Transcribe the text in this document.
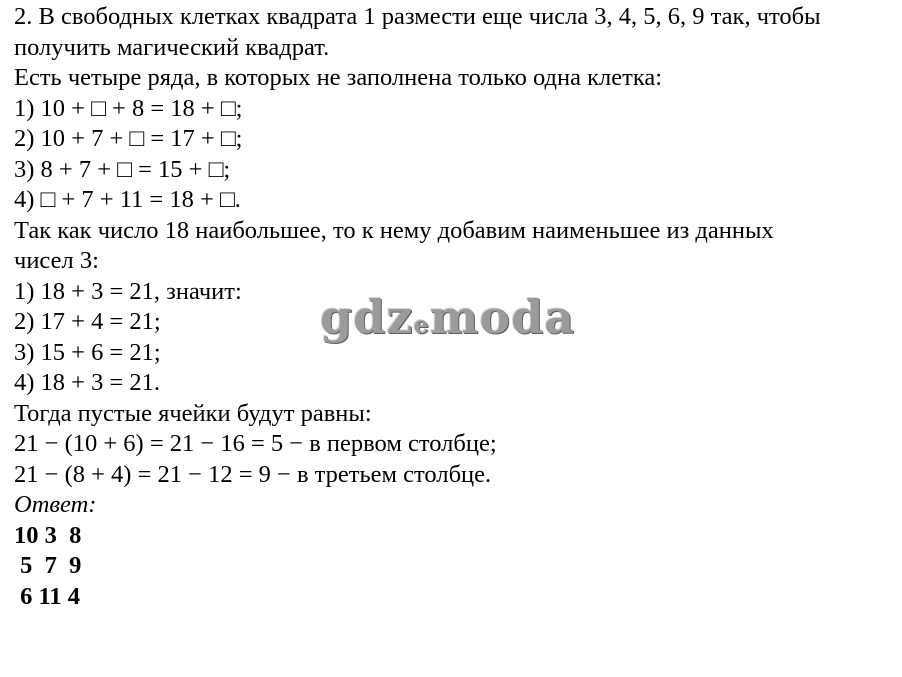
2. В свободных клетках квадрата 1 размести еще числа 3, 4, 5, 6, 9 так, чтобы
получить магический квадрат.
Есть четыре ряда, в которых не заполнена только одна клетка:
1) 10 + □ + 8 = 18 + □;
2) 10 + 7 + □ = 17 + □;
3) 8 + 7 + □ = 15 + □;
4) □ + 7 + 11 = 18 + □.
Так как число 18 наибольшее, то к нему добавим наименьшее из данных
чисел 3:
1) 18 + 3 = 21, значит:
2) 17 + 4 = 21;
3) 15 + 6 = 21;
4) 18 + 3 = 21.
Тогда пустые ячейки будут равны:
21 − (10 + 6) = 21 − 16 = 5 − в первом столбце;
21 − (8 + 4) = 21 − 12 = 9 − в третьем столбце.
Ответ:
10 3  8
5  7  9
6 11 4
gdzemoda
